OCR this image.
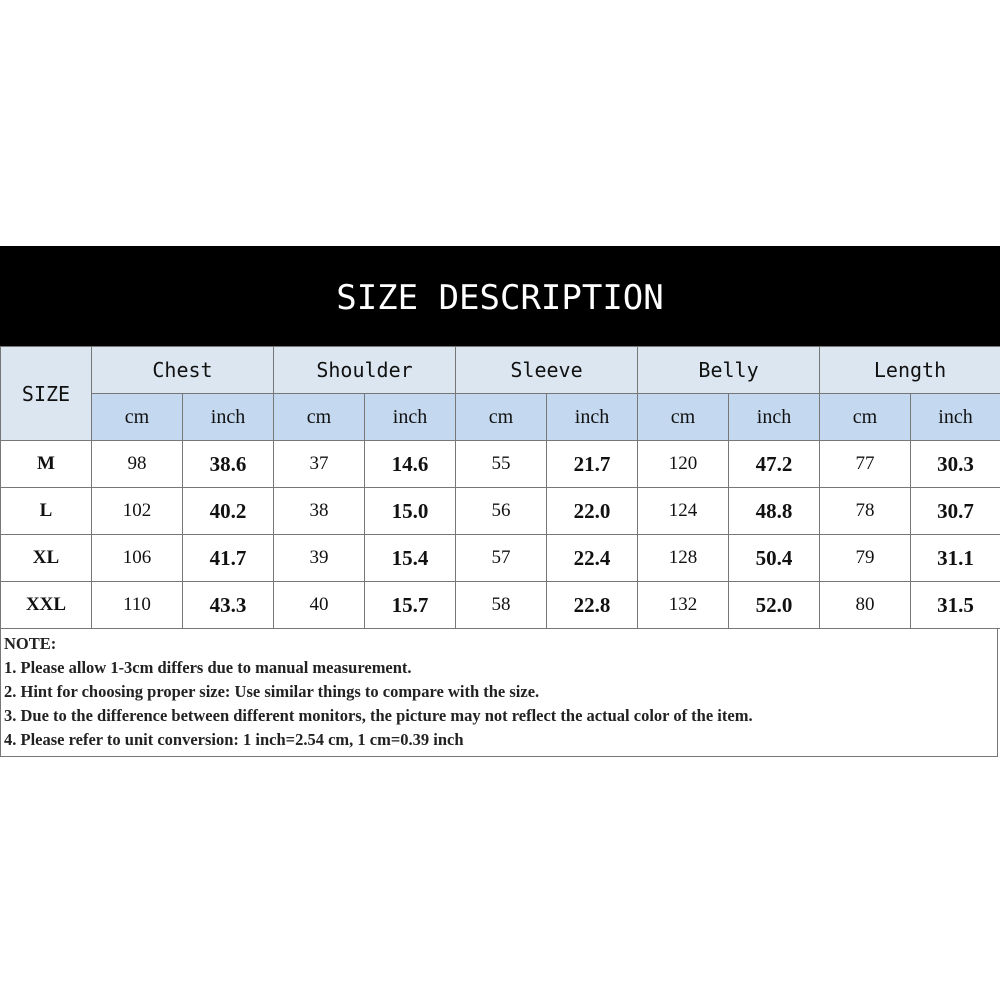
SIZE DESCRIPTION
SIZE	Chest		Shoulder		Sleeve		Belly		Length	
	cm	inch	cm	inch	cm	inch	cm	inch	cm	inch
M	98	38.6	37	14.6	55	21.7	120	47.2	77	30.3
L	102	40.2	38	15.0	56	22.0	124	48.8	78	30.7
XL	106	41.7	39	15.4	57	22.4	128	50.4	79	31.1
XXL	110	43.3	40	15.7	58	22.8	132	52.0	80	31.5
NOTE:
1. Please allow 1-3cm differs due to manual measurement.
2. Hint for choosing proper size: Use similar things to compare with the size.
3. Due to the difference between different monitors, the picture may not reflect the actual color of the item.
4. Please refer to unit conversion: 1 inch=2.54 cm, 1 cm=0.39 inch
